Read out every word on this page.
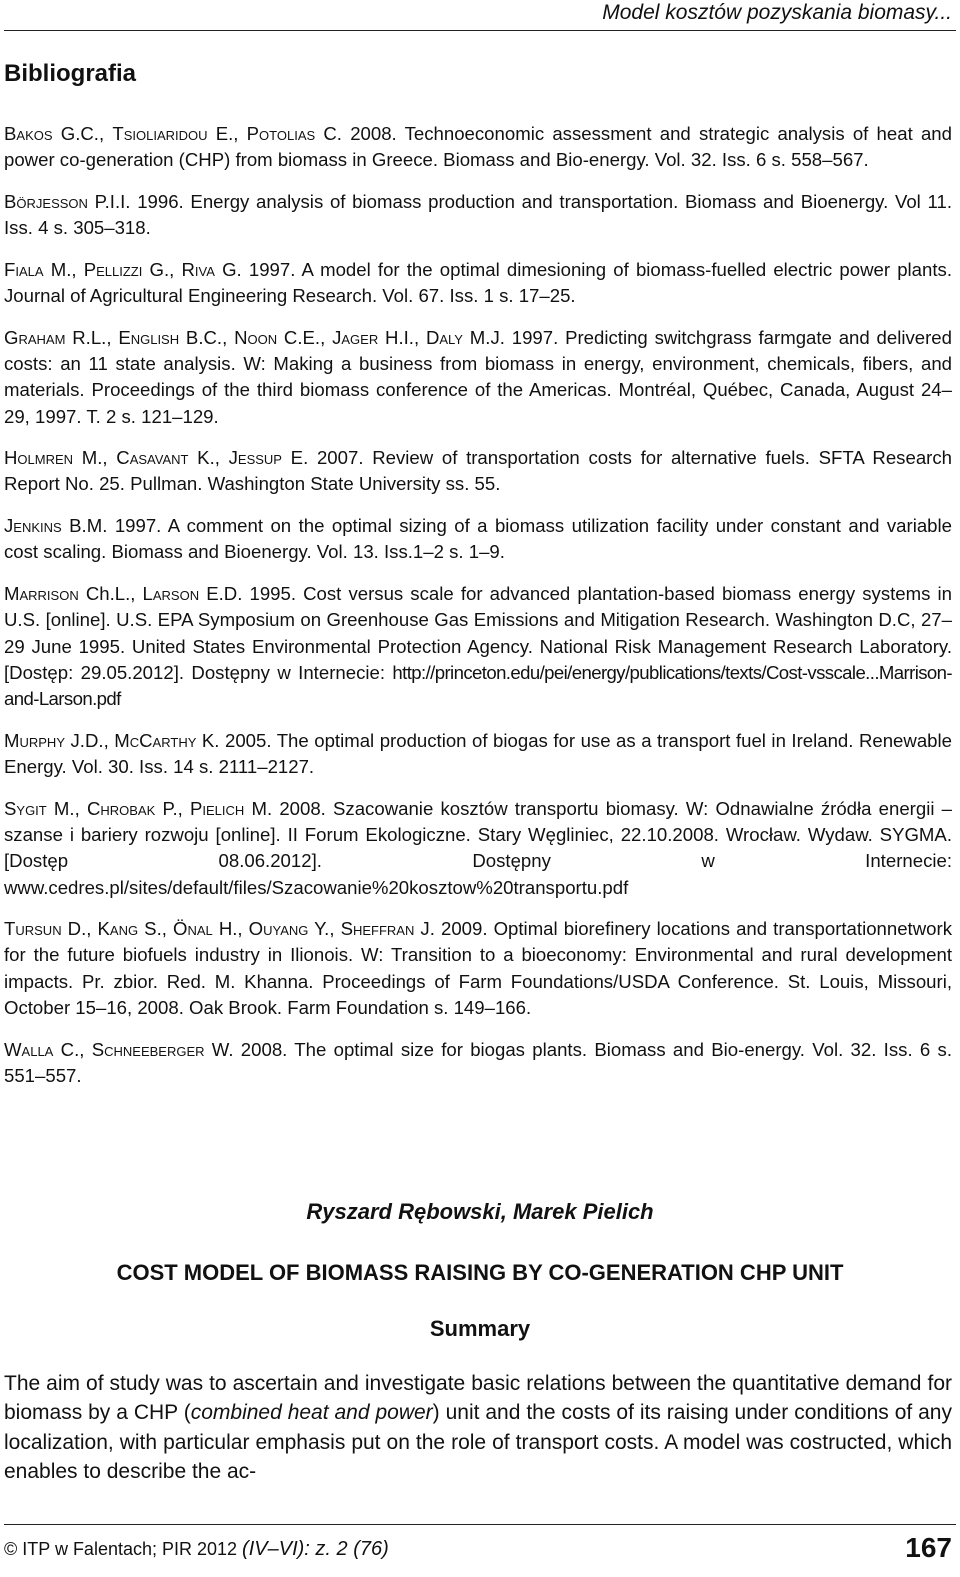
Model kosztów pozyskania biomasy...
Bibliografia
Bakos G.C., Tsioliaridou E., Potolias C. 2008. Technoeconomic assessment and strategic analysis of heat and power co-generation (CHP) from biomass in Greece. Biomass and Bio-energy. Vol. 32. Iss. 6 s. 558–567.
Börjesson P.I.I. 1996. Energy analysis of biomass production and transportation. Biomass and Bioenergy. Vol 11. Iss. 4 s. 305–318.
Fiala M., Pellizzi G., Riva G. 1997. A model for the optimal dimesioning of biomass-fuelled electric power plants. Journal of Agricultural Engineering Research. Vol. 67. Iss. 1 s. 17–25.
Graham R.L., English B.C., Noon C.E., Jager H.I., Daly M.J. 1997. Predicting switchgrass farmgate and delivered costs: an 11 state analysis. W: Making a business from biomass in energy, environment, chemicals, fibers, and materials. Proceedings of the third biomass conference of the Americas. Montréal, Québec, Canada, August 24–29, 1997. T. 2 s. 121–129.
Holmren M., Casavant K., Jessup E. 2007. Review of transportation costs for alternative fuels. SFTA Research Report No. 25. Pullman. Washington State University ss. 55.
Jenkins B.M. 1997. A comment on the optimal sizing of a biomass utilization facility under constant and variable cost scaling. Biomass and Bioenergy. Vol. 13. Iss.1–2 s. 1–9.
Marrison Ch.L., Larson E.D. 1995. Cost versus scale for advanced plantation-based biomass energy systems in U.S. [online]. U.S. EPA Symposium on Greenhouse Gas Emissions and Mitigation Research. Washington D.C, 27–29 June 1995. United States Environmental Protection Agency. National Risk Management Research Laboratory. [Dostęp: 29.05.2012]. Dostępny w Internecie: http://princeton.edu/pei/energy/publications/texts/Cost-vsscale...Marrison-and-Larson.pdf
Murphy J.D., McCarthy K. 2005. The optimal production of biogas for use as a transport fuel in Ireland. Renewable Energy. Vol. 30. Iss. 14 s. 2111–2127.
Sygit M., Chrobak P., Pielich M. 2008. Szacowanie kosztów transportu biomasy. W: Odnawialne źródła energii – szanse i bariery rozwoju [online]. II Forum Ekologiczne. Stary Węgliniec, 22.10.2008. Wrocław. Wydaw. SYGMA. [Dostęp 08.06.2012]. Dostępny w Internecie: www.cedres.pl/sites/default/files/Szacowanie%20kosztow%20transportu.pdf
Tursun D., Kang S., Önal H., Ouyang Y., Sheffran J. 2009. Optimal biorefinery locations and transportationnetwork for the future biofuels industry in Ilionois. W: Transition to a bioeconomy: Environmental and rural development impacts. Pr. zbior. Red. M. Khanna. Proceedings of Farm Foundations/USDA Conference. St. Louis, Missouri, October 15–16, 2008. Oak Brook. Farm Foundation s. 149–166.
Walla C., Schneeberger W. 2008. The optimal size for biogas plants. Biomass and Bio-energy. Vol. 32. Iss. 6 s. 551–557.

Ryszard Rębowski, Marek Pielich

COST MODEL OF BIOMASS RAISING BY CO-GENERATION CHP UNIT
Summary

The aim of study was to ascertain and investigate basic relations between the quantitative demand for biomass by a CHP (combined heat and power) unit and the costs of its raising under conditions of any localization, with particular emphasis put on the role of transport costs. A model was costructed, which enables to describe the ac-

© ITP w Falentach; PIR 2012 (IV–VI): z. 2 (76)	167
